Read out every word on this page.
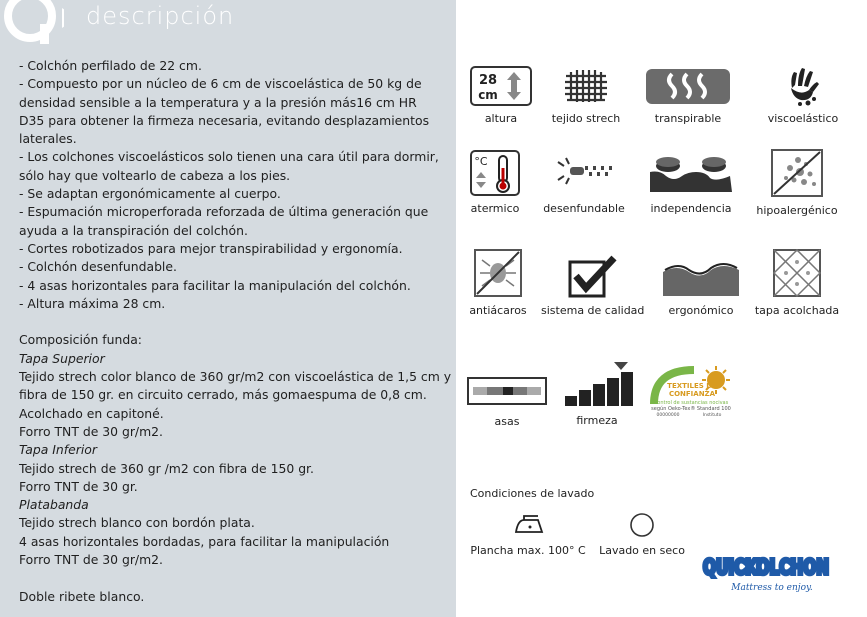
descripción
- Colchón perfilado de 22 cm.
- Compuesto por un núcleo de 6 cm de viscoelástica de 50 kg de
densidad sensible a la temperatura y a la presión más16 cm HR
D35 para obtener la firmeza necesaria, evitando desplazamientos
laterales.
- Los colchones viscoelásticos solo tienen una cara útil para dormir,
sólo hay que voltearlo de cabeza a los pies.
- Se adaptan ergonómicamente al cuerpo.
- Espumación microperforada reforzada de última generación que
ayuda a la transpiración del colchón.
- Cortes robotizados para mejor transpirabilidad y ergonomía.
- Colchón desenfundable.
- 4 asas horizontales para facilitar la manipulación del colchón.
- Altura máxima 28 cm.
Composición funda:
Tapa Superior
Tejido strech color blanco de 360 gr/m2 con viscoelástica de 1,5 cm y
fibra de 150 gr. en circuito cerrado, más gomaespuma de 0,8 cm.
Acolchado en capitoné.
Forro TNT de 30 gr/m2.
Tapa Inferior
Tejido strech de 360 gr /m2 con fibra de 150 gr.
Forro TNT de 30 gr.
Platabanda
Tejido strech blanco con bordón plata.
4 asas horizontales bordadas, para facilitar la manipulación
Forro TNT de 30 gr/m2.
Doble ribete blanco.
28
cm
altura	tejido strech	transpirable	viscoelástico
°C
atermico	desenfundable	independencia	hipoalergénico
antiácaros	sistema de calidad	ergonómico	tapa acolchada
asas	firmeza
TEXTILES DE
CONFIANZA
Control de sustancias nocivas
según Oeko-Tex® Standard 100
00000000	Instituto
Condiciones de lavado
Plancha max. 100° C	Lavado en seco
QUICKOLCHON
QUICKOLCHON
Mattress to enjoy.
